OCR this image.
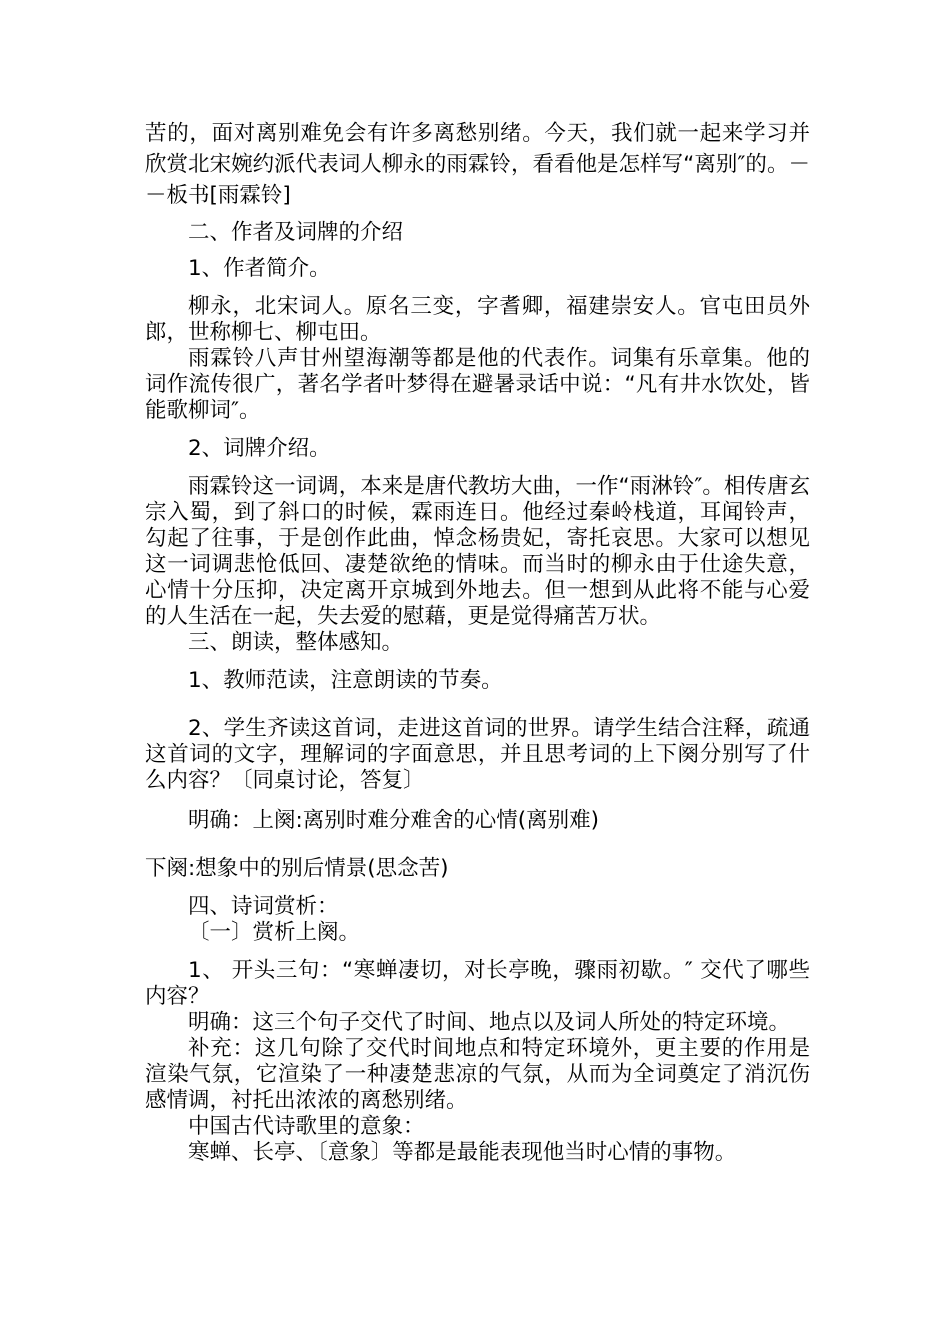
苦的，面对离别难免会有许多离愁别绪。今天，我们就一起来学习并欣赏北宋婉约派代表词人柳永的雨霖铃，看看他是怎样写“离别″的。－－板书[雨霖铃]

二、作者及词牌的介绍

1、作者简介。

柳永，北宋词人。原名三变，字耆卿，福建崇安人。官屯田员外郎，世称柳七、柳屯田。

雨霖铃八声甘州望海潮等都是他的代表作。词集有乐章集。他的词作流传很广，著名学者叶梦得在避暑录话中说：“凡有井水饮处，皆能歌柳词″。

2、词牌介绍。

雨霖铃这一词调，本来是唐代教坊大曲，一作“雨淋铃″。相传唐玄宗入蜀，到了斜口的时候，霖雨连日。他经过秦岭栈道，耳闻铃声，勾起了往事，于是创作此曲，悼念杨贵妃，寄托哀思。大家可以想见这一词调悲怆低回、凄楚欲绝的情味。而当时的柳永由于仕途失意，心情十分压抑，决定离开京城到外地去。但一想到从此将不能与心爱的人生活在一起，失去爱的慰藉，更是觉得痛苦万状。

三、朗读，整体感知。

1、教师范读，注意朗读的节奏。

2、学生齐读这首词，走进这首词的世界。请学生结合注释，疏通这首词的文字，理解词的字面意思，并且思考词的上下阕分别写了什么内容？〔同桌讨论，答复〕

明确：上阕:离别时难分难舍的心情(离别难)

下阕:想象中的别后情景(思念苦)

四、诗词赏析：

〔一〕赏析上阕。

1、 开头三句：“寒蝉凄切，对长亭晚，骤雨初歇。″ 交代了哪些内容？

明确：这三个句子交代了时间、地点以及词人所处的特定环境。

补充：这几句除了交代时间地点和特定环境外，更主要的作用是渲染气氛，它渲染了一种凄楚悲凉的气氛，从而为全词奠定了消沉伤感情调，衬托出浓浓的离愁别绪。

中国古代诗歌里的意象：

寒蝉、长亭、〔意象〕等都是最能表现他当时心情的事物。
